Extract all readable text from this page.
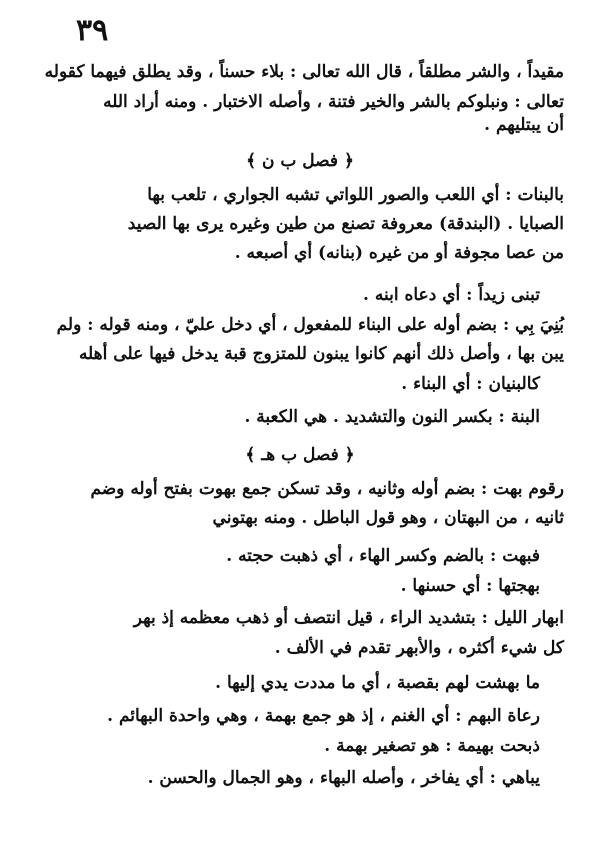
٣٩
مقيداً ، والشر مطلقاً ، قال الله تعالى : بلاء حسناً ، وقد يطلق فيهما كقوله
تعالى : ونبلوكم بالشر والخير فتنة ، وأصله الاختبار . ومنه أراد الله
أن يبتليهم .
﴿ فصل ب ن ﴾
بالبنات : أي اللعب والصور اللواتي تشبه الجواري ، تلعب بها
الصبايا . (البندقة) معروفة تصنع من طين وغيره يرى بها الصيد
من عصا مجوفة أو من غيره (بنانه) أي أصبعه .
تبنى زيداً : أي دعاه ابنه .
بُنِيَ بِي : بضم أوله على البناء للمفعول ، أي دخل عليّ ، ومنه قوله : ولم
يبن بها ، وأصل ذلك أنهم كانوا يبنون للمتزوج قبة يدخل فيها على أهله
كالبنيان : أي البناء .
البنة : بكسر النون والتشديد . هي الكعبة .
﴿ فصل ب هـ ﴾
رقوم بهت : بضم أوله وثانيه ، وقد تسكن جمع بهوت بفتح أوله وضم
ثانيه ، من البهتان ، وهو قول الباطل . ومنه بهتوني
فبهت : بالضم وكسر الهاء ، أي ذهبت حجته .
بهجتها : أي حسنها .
ابهار الليل : بتشديد الراء ، قيل انتصف أو ذهب معظمه إذ بهر
كل شيء أكثره ، والأبهر تقدم في الألف .
ما بهشت لهم بقصبة ، أي ما مددت يدي إليها .
رعاة البهم : أي الغنم ، إذ هو جمع بهمة ، وهي واحدة البهائم .
ذبحت بهيمة : هو تصغير بهمة .
يباهي : أي يفاخر ، وأصله البهاء ، وهو الجمال والحسن .
